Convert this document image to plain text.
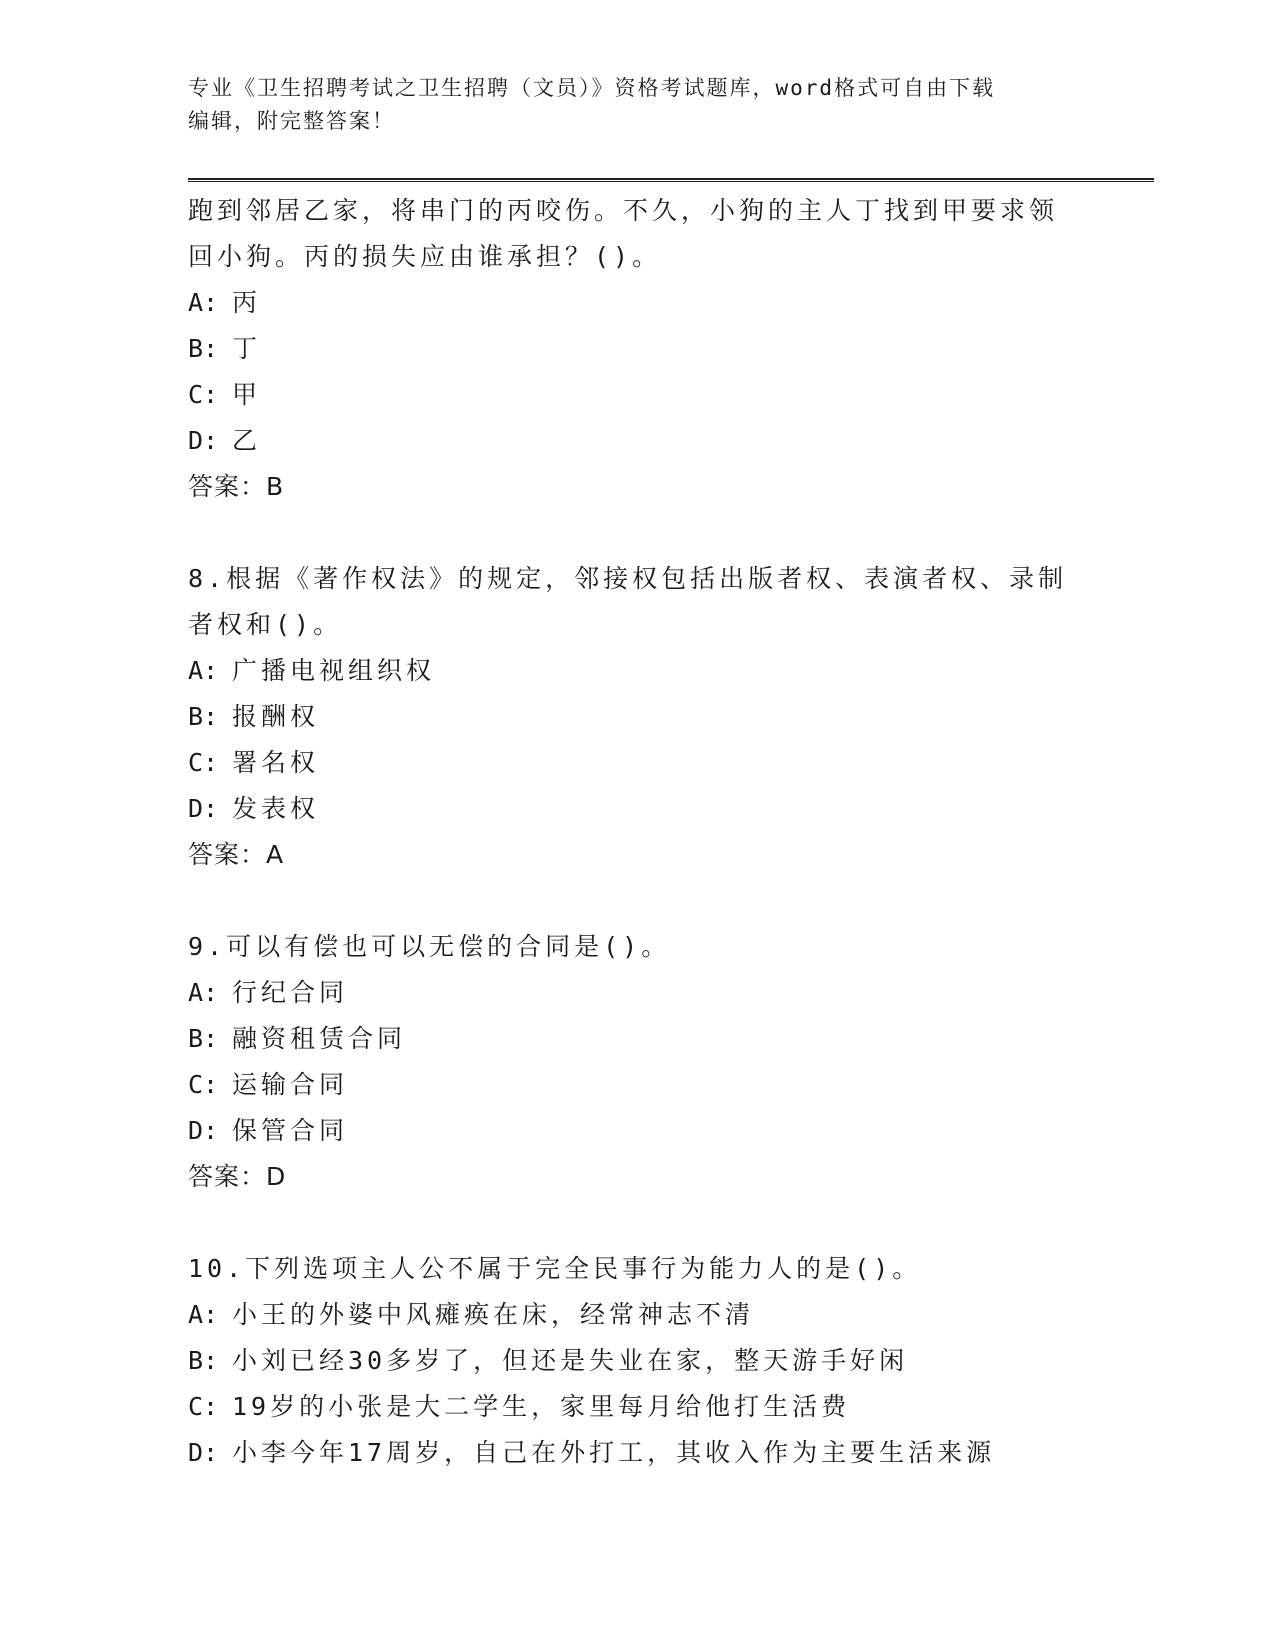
专业《卫生招聘考试之卫生招聘（文员）》资格考试题库，word格式可自由下载
编辑，附完整答案！
跑到邻居乙家，将串门的丙咬伤。不久，小狗的主人丁找到甲要求领
回小狗。丙的损失应由谁承担？()。
A: 丙
B: 丁
C: 甲
D: 乙
答案：B
8.根据《著作权法》的规定，邻接权包括出版者权、表演者权、录制
者权和()。
A: 广播电视组织权
B: 报酬权
C: 署名权
D: 发表权
答案：A
9.可以有偿也可以无偿的合同是()。
A: 行纪合同
B: 融资租赁合同
C: 运输合同
D: 保管合同
答案：D
10.下列选项主人公不属于完全民事行为能力人的是()。
A: 小王的外婆中风瘫痪在床，经常神志不清
B: 小刘已经30多岁了，但还是失业在家，整天游手好闲
C: 19岁的小张是大二学生，家里每月给他打生活费
D: 小李今年17周岁，自己在外打工，其收入作为主要生活来源
